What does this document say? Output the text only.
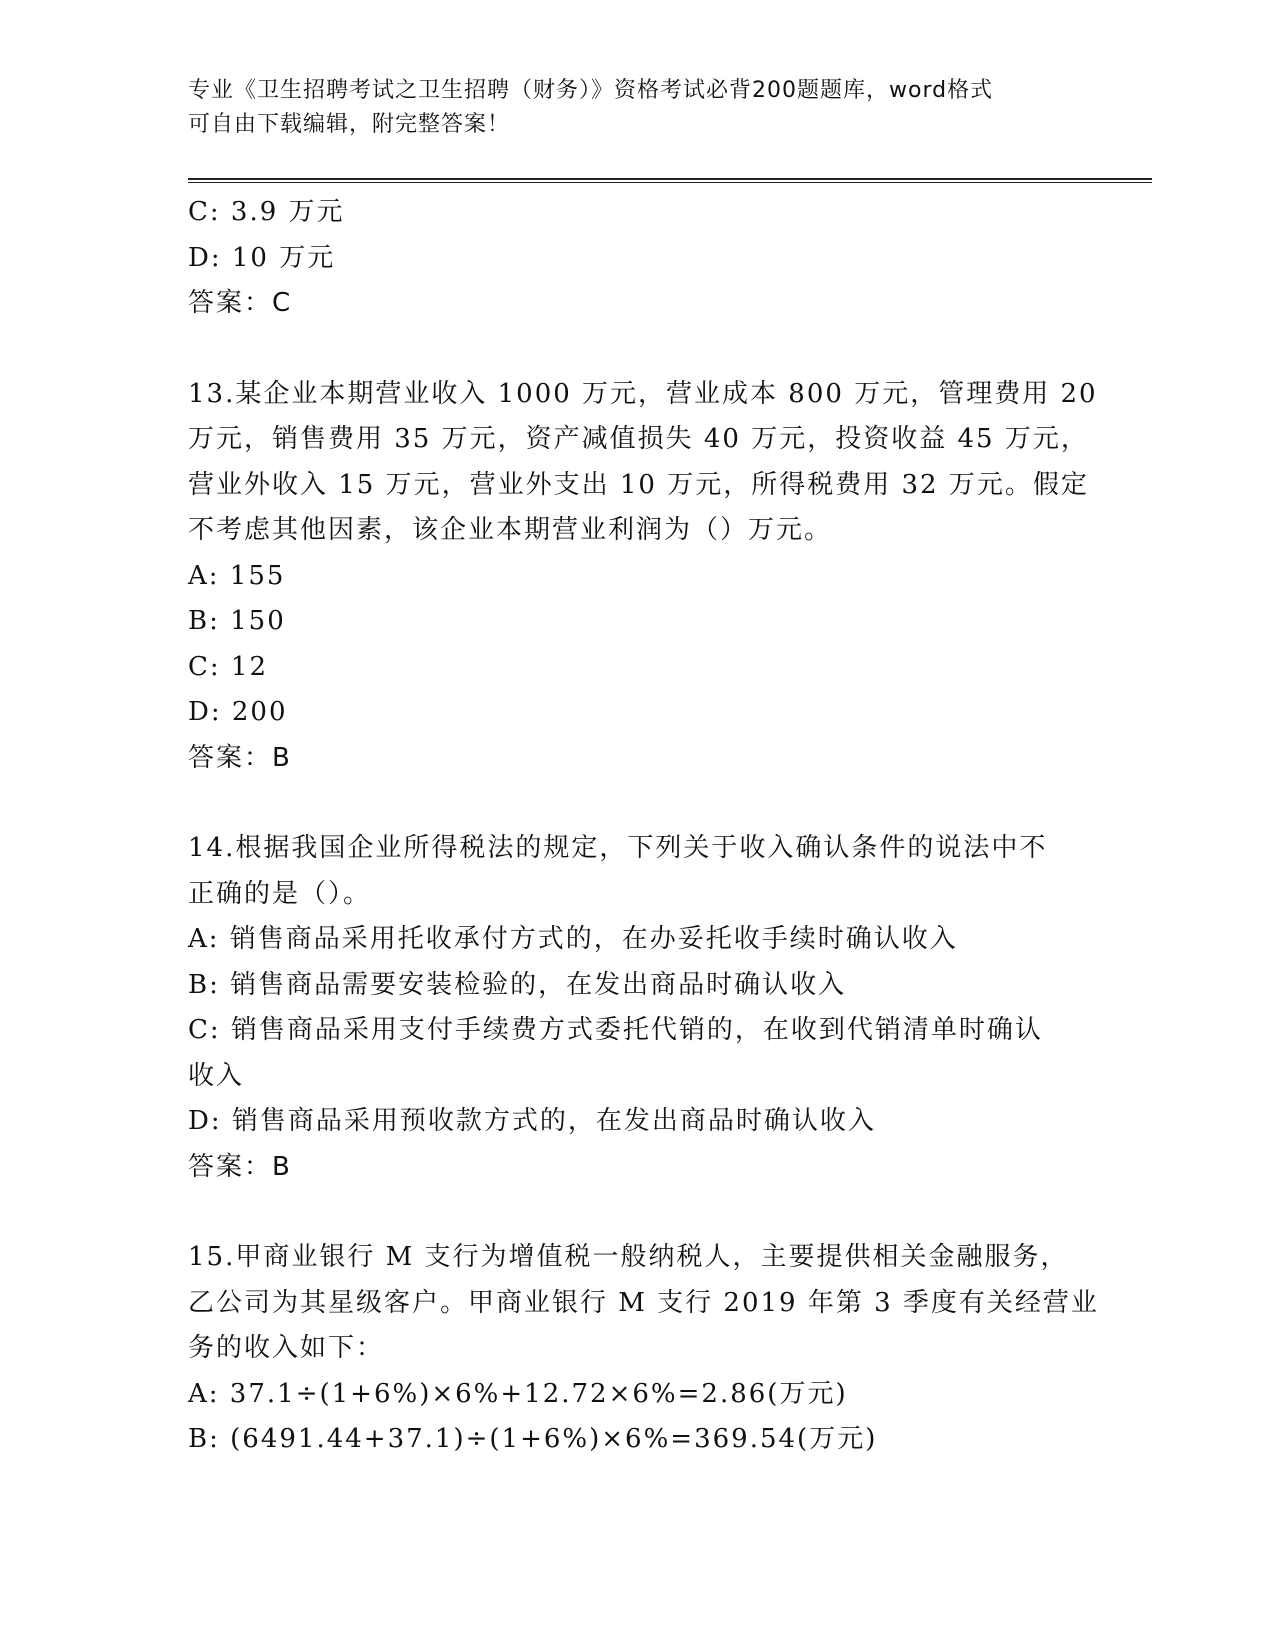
专业《卫生招聘考试之卫生招聘（财务）》资格考试必背200题题库，word格式
可自由下载编辑，附完整答案！
C: 3.9 万元
D: 10 万元
答案：C
13.某企业本期营业收入 1000 万元，营业成本 800 万元，管理费用 20
万元，销售费用 35 万元，资产减值损失 40 万元，投资收益 45 万元，
营业外收入 15 万元，营业外支出 10 万元，所得税费用 32 万元。假定
不考虑其他因素，该企业本期营业利润为（）万元。
A: 155
B: 150
C: 12
D: 200
答案：B
14.根据我国企业所得税法的规定，下列关于收入确认条件的说法中不
正确的是（）。
A: 销售商品采用托收承付方式的，在办妥托收手续时确认收入
B: 销售商品需要安装检验的，在发出商品时确认收入
C: 销售商品采用支付手续费方式委托代销的，在收到代销清单时确认
收入
D: 销售商品采用预收款方式的，在发出商品时确认收入
答案：B
15.甲商业银行 M 支行为增值税一般纳税人，主要提供相关金融服务，
乙公司为其星级客户。甲商业银行 M 支行 2019 年第 3 季度有关经营业
务的收入如下：
A: 37.1÷(1+6%)×6%+12.72×6%=2.86(万元)
B: (6491.44+37.1)÷(1+6%)×6%=369.54(万元)
